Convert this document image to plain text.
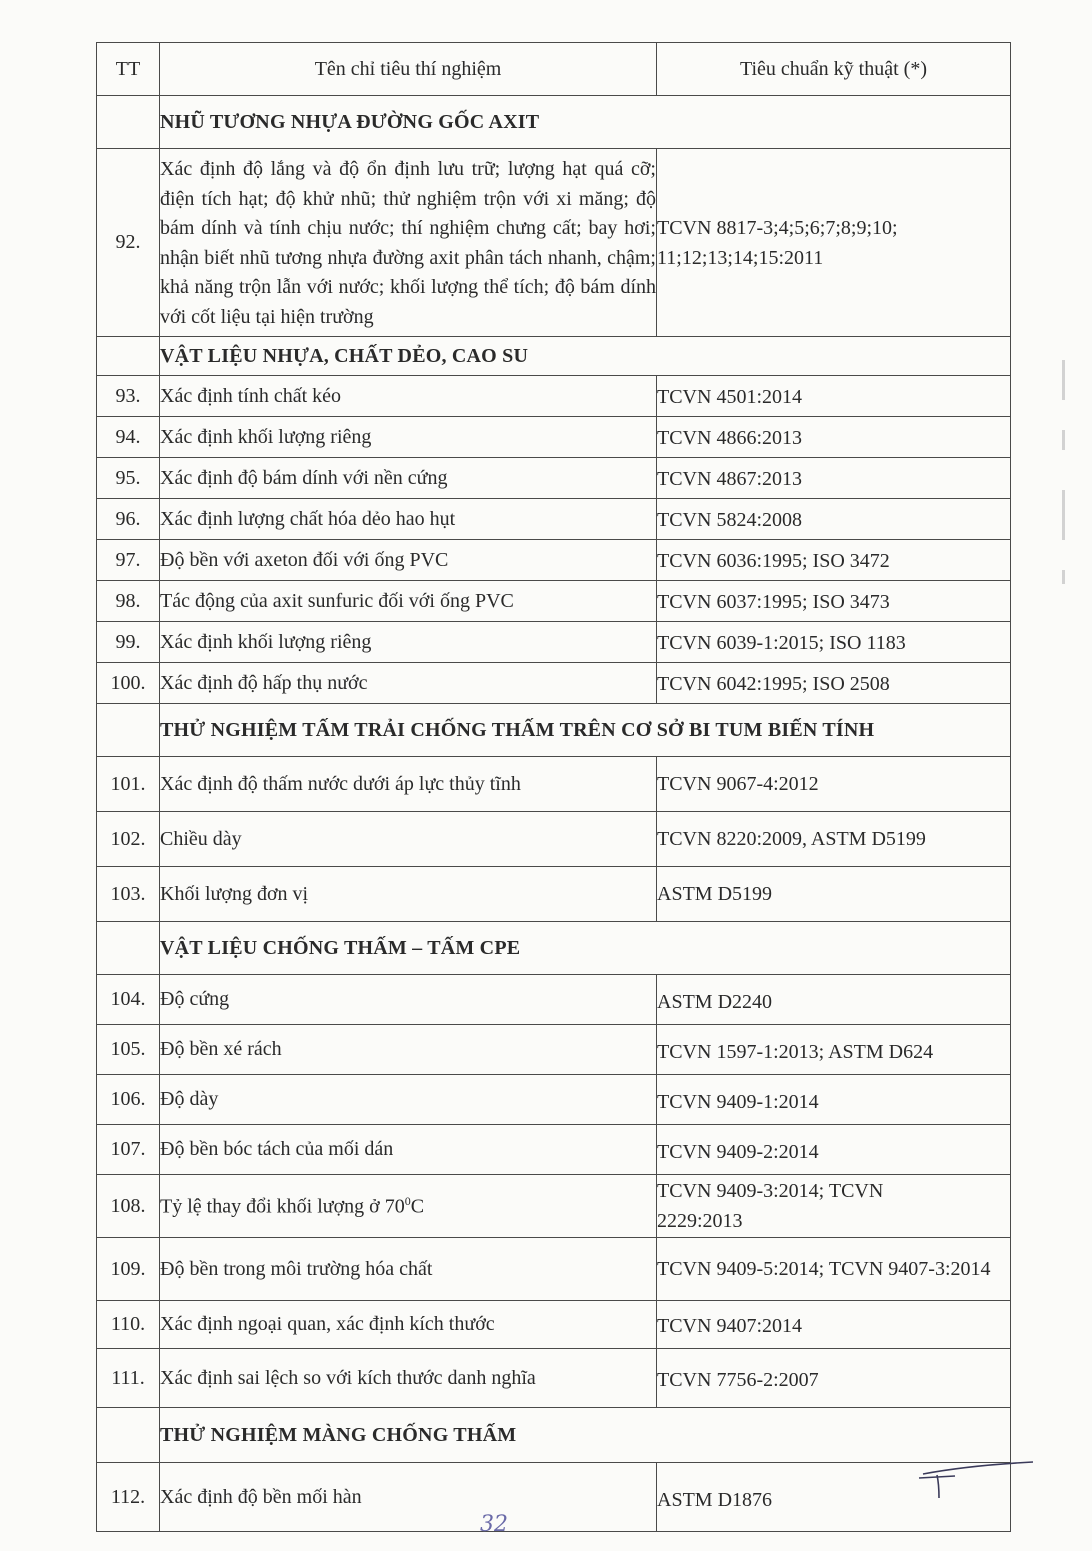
TT	Tên chỉ tiêu thí nghiệm	Tiêu chuẩn kỹ thuật (*)
	NHŨ TƯƠNG NHỰA ĐƯỜNG GỐC AXIT	
92.	Xác định độ lắng và độ ổn định lưu trữ; lượng hạt quá cỡ; điện tích hạt; độ khử nhũ; thử nghiệm trộn với xi măng; độ bám dính và tính chịu nước; thí nghiệm chưng cất; bay hơi; nhận biết nhũ tương nhựa đường axit phân tách nhanh, chậm; khả năng trộn lẫn với nước; khối lượng thể tích; độ bám dính với cốt liệu tại hiện trường	TCVN 8817-3;4;5;6;7;8;9;10; 11;12;13;14;15:2011
	VẬT LIỆU NHỰA, CHẤT DẺO, CAO SU	
93.	Xác định tính chất kéo	TCVN 4501:2014
94.	Xác định khối lượng riêng	TCVN 4866:2013
95.	Xác định độ bám dính với nền cứng	TCVN 4867:2013
96.	Xác định lượng chất hóa dẻo hao hụt	TCVN 5824:2008
97.	Độ bền với axeton đối với ống PVC	TCVN 6036:1995; ISO 3472
98.	Tác động của axit sunfuric đối với ống PVC	TCVN 6037:1995; ISO 3473
99.	Xác định khối lượng riêng	TCVN 6039-1:2015; ISO 1183
100.	Xác định độ hấp thụ nước	TCVN 6042:1995; ISO 2508
	THỬ NGHIỆM TẤM TRẢI CHỐNG THẤM TRÊN CƠ SỞ BI TUM BIẾN TÍNH	
101.	Xác định độ thấm nước dưới áp lực thủy tĩnh	TCVN 9067-4:2012
102.	Chiều dày	TCVN 8220:2009, ASTM D5199
103.	Khối lượng đơn vị	ASTM D5199
	VẬT LIỆU CHỐNG THẤM – TẤM CPE	
104.	Độ cứng	ASTM D2240
105.	Độ bền xé rách	TCVN 1597-1:2013; ASTM D624
106.	Độ dày	TCVN 9409-1:2014
107.	Độ bền bóc tách của mối dán	TCVN 9409-2:2014
108.	Tỷ lệ thay đổi khối lượng ở $70^0C$	TCVN 9409-3:2014; TCVN 2229:2013
109.	Độ bền trong môi trường hóa chất	TCVN 9409-5:2014; TCVN 9407-3:2014
110.	Xác định ngoại quan, xác định kích thước	TCVN 9407:2014
111.	Xác định sai lệch so với kích thước danh nghĩa	TCVN 7756-2:2007
	THỬ NGHIỆM MÀNG CHỐNG THẤM	
112.	Xác định độ bền mối hàn	ASTM D1876
32
